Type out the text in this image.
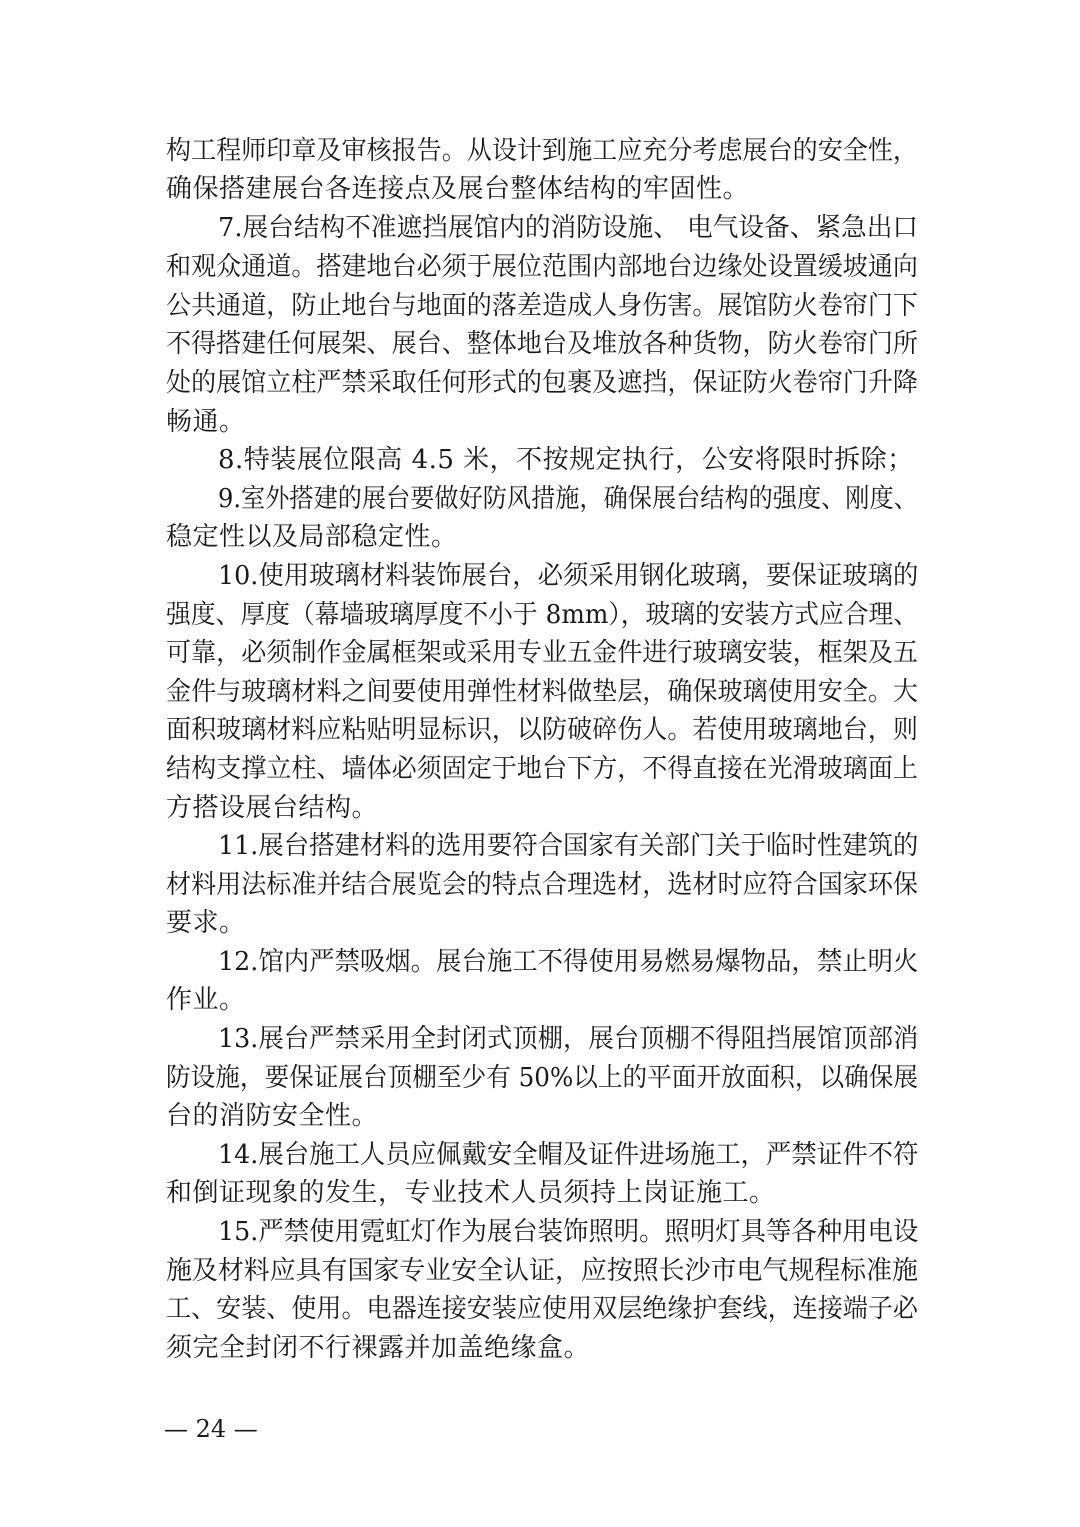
构工程师印章及审核报告。从设计到施工应充分考虑展台的安全性，
确保搭建展台各连接点及展台整体结构的牢固性。
7.展台结构不准遮挡展馆内的消防设施、 电气设备、紧急出口
和观众通道。搭建地台必须于展位范围内部地台边缘处设置缓坡通向
公共通道，防止地台与地面的落差造成人身伤害。展馆防火卷帘门下
不得搭建任何展架、展台、整体地台及堆放各种货物，防火卷帘门所
处的展馆立柱严禁采取任何形式的包裹及遮挡，保证防火卷帘门升降
畅通。
8.特装展位限高 4.5 米，不按规定执行，公安将限时拆除；
9.室外搭建的展台要做好防风措施，确保展台结构的强度、刚度、
稳定性以及局部稳定性。
10.使用玻璃材料装饰展台，必须采用钢化玻璃，要保证玻璃的
强度、厚度（幕墙玻璃厚度不小于 8mm），玻璃的安装方式应合理、
可靠，必须制作金属框架或采用专业五金件进行玻璃安装，框架及五
金件与玻璃材料之间要使用弹性材料做垫层，确保玻璃使用安全。大
面积玻璃材料应粘贴明显标识，以防破碎伤人。若使用玻璃地台，则
结构支撑立柱、墙体必须固定于地台下方，不得直接在光滑玻璃面上
方搭设展台结构。
11.展台搭建材料的选用要符合国家有关部门关于临时性建筑的
材料用法标准并结合展览会的特点合理选材，选材时应符合国家环保
要求。
12.馆内严禁吸烟。展台施工不得使用易燃易爆物品，禁止明火
作业。
13.展台严禁采用全封闭式顶棚，展台顶棚不得阻挡展馆顶部消
防设施，要保证展台顶棚至少有 50%以上的平面开放面积，以确保展
台的消防安全性。
14.展台施工人员应佩戴安全帽及证件进场施工，严禁证件不符
和倒证现象的发生，专业技术人员须持上岗证施工。
15.严禁使用霓虹灯作为展台装饰照明。照明灯具等各种用电设
施及材料应具有国家专业安全认证，应按照长沙市电气规程标准施
工、安装、使用。电器连接安装应使用双层绝缘护套线，连接端子必
须完全封闭不行裸露并加盖绝缘盒。
— 24 —
